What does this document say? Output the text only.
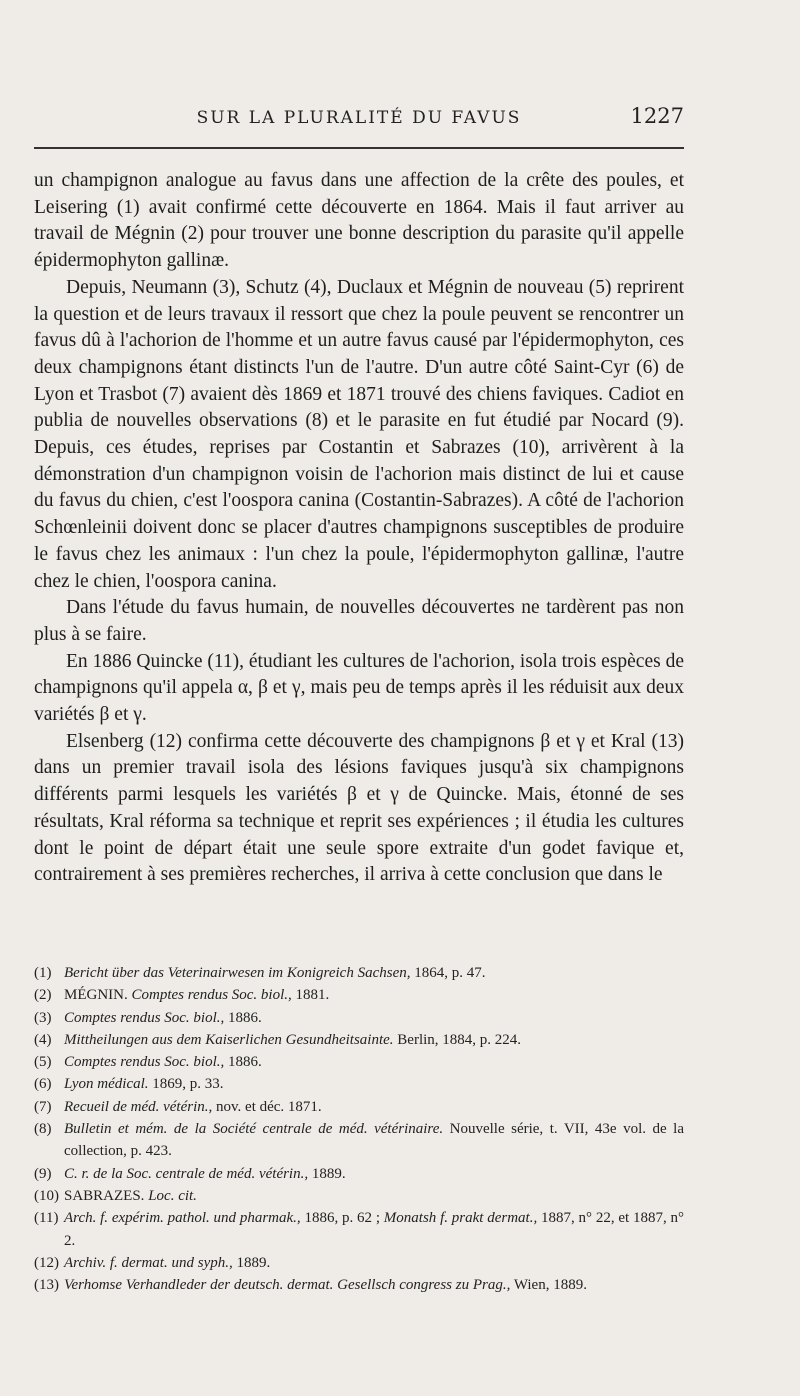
SUR LA PLURALITÉ DU FAVUS	1227

un champignon analogue au favus dans une affection de la crête des poules, et Leisering (1) avait confirmé cette découverte en 1864. Mais il faut arriver au travail de Mégnin (2) pour trouver une bonne description du parasite qu'il appelle épidermophyton gallinæ.

Depuis, Neumann (3), Schutz (4), Duclaux et Mégnin de nouveau (5) reprirent la question et de leurs travaux il ressort que chez la poule peuvent se rencontrer un favus dû à l'achorion de l'homme et un autre favus causé par l'épidermophyton, ces deux champignons étant distincts l'un de l'autre. D'un autre côté Saint-Cyr (6) de Lyon et Trasbot (7) avaient dès 1869 et 1871 trouvé des chiens faviques. Cadiot en publia de nouvelles observations (8) et le parasite en fut étudié par Nocard (9). Depuis, ces études, reprises par Costantin et Sabrazes (10), arrivèrent à la démonstration d'un champignon voisin de l'achorion mais distinct de lui et cause du favus du chien, c'est l'oospora canina (Costantin-Sabrazes). A côté de l'achorion Schœnleinii doivent donc se placer d'autres champignons susceptibles de produire le favus chez les animaux : l'un chez la poule, l'épidermophyton gallinæ, l'autre chez le chien, l'oospora canina.

Dans l'étude du favus humain, de nouvelles découvertes ne tardèrent pas non plus à se faire.

En 1886 Quincke (11), étudiant les cultures de l'achorion, isola trois espèces de champignons qu'il appela α, β et γ, mais peu de temps après il les réduisit aux deux variétés β et γ.

Elsenberg (12) confirma cette découverte des champignons β et γ et Kral (13) dans un premier travail isola des lésions faviques jusqu'à six champignons différents parmi lesquels les variétés β et γ de Quincke. Mais, étonné de ses résultats, Kral réforma sa technique et reprit ses expériences ; il étudia les cultures dont le point de départ était une seule spore extraite d'un godet favique et, contrairement à ses premières recherches, il arriva à cette conclusion que dans le

(1) Bericht über das Veterinairwesen im Konigreich Sachsen, 1864, p. 47.

(2) MÉGNIN. Comptes rendus Soc. biol., 1881.

(3) Comptes rendus Soc. biol., 1886.

(4) Mittheilungen aus dem Kaiserlichen Gesundheitsainte. Berlin, 1884, p. 224.

(5) Comptes rendus Soc. biol., 1886.

(6) Lyon médical. 1869, p. 33.

(7) Recueil de méd. vétérin., nov. et déc. 1871.

(8) Bulletin et mém. de la Société centrale de méd. vétérinaire. Nouvelle série, t. VII, 43e vol. de la collection, p. 423.

(9) C. r. de la Soc. centrale de méd. vétérin., 1889.

(10) SABRAZES. Loc. cit.

(11) Arch. f. expérim. pathol. und pharmak., 1886, p. 62 ; Monatsh f. prakt dermat., 1887, n° 22, et 1887, n° 2.

(12) Archiv. f. dermat. und syph., 1889.

(13) Verhomse Verhandleder der deutsch. dermat. Gesellsch congress zu Prag., Wien, 1889.
